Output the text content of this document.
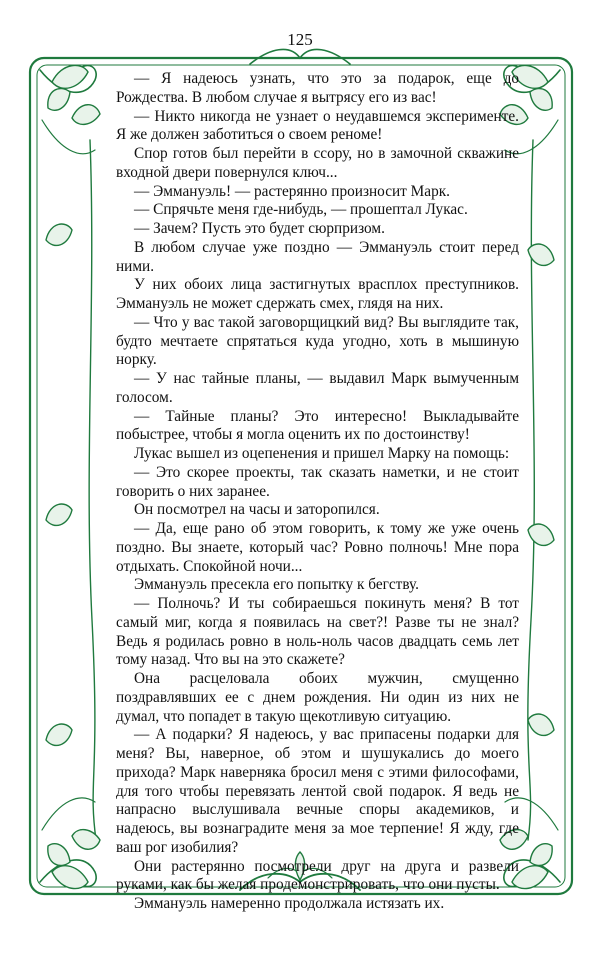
125

— Я надеюсь узнать, что это за подарок, еще до Рождества. В любом случае я вытрясу его из вас!

— Никто никогда не узнает о неудавшемся эксперименте. Я же должен заботиться о своем реноме!

Спор готов был перейти в ссору, но в замочной скважине входной двери повернулся ключ...

— Эммануэль! — растерянно произносит Марк.

— Спрячьте меня где-нибудь, — прошептал Лукас.

— Зачем? Пусть это будет сюрпризом.

В любом случае уже поздно — Эммануэль стоит перед ними.

У них обоих лица застигнутых врасплох преступников. Эммануэль не может сдержать смех, глядя на них.

— Что у вас такой заговорщицкий вид? Вы выглядите так, будто мечтаете спрятаться куда угодно, хоть в мышиную норку.

— У нас тайные планы, — выдавил Марк вымученным голосом.

— Тайные планы? Это интересно! Выкладывайте побыстрее, чтобы я могла оценить их по достоинству!

Лукас вышел из оцепенения и пришел Марку на помощь:

— Это скорее проекты, так сказать наметки, и не стоит говорить о них заранее.

Он посмотрел на часы и заторопился.

— Да, еще рано об этом говорить, к тому же уже очень поздно. Вы знаете, который час? Ровно полночь! Мне пора отдыхать. Спокойной ночи...

Эммануэль пресекла его попытку к бегству.

— Полночь? И ты собираешься покинуть меня? В тот самый миг, когда я появилась на свет?! Разве ты не знал? Ведь я родилась ровно в ноль-ноль часов двадцать семь лет тому назад. Что вы на это скажете?

Она расцеловала обоих мужчин, смущенно поздравлявших ее с днем рождения. Ни один из них не думал, что попадет в такую щекотливую ситуацию.

— А подарки? Я надеюсь, у вас припасены подарки для меня? Вы, наверное, об этом и шушукались до моего прихода? Марк наверняка бросил меня с этими философами, для того чтобы перевязать лентой свой подарок. Я ведь не напрасно выслушивала вечные споры академиков, и надеюсь, вы вознаградите меня за мое терпение! Я жду, где ваш рог изобилия?

Они растерянно посмотрели друг на друга и развели руками, как бы желая продемонстрировать, что они пусты.

Эммануэль намеренно продолжала истязать их.
